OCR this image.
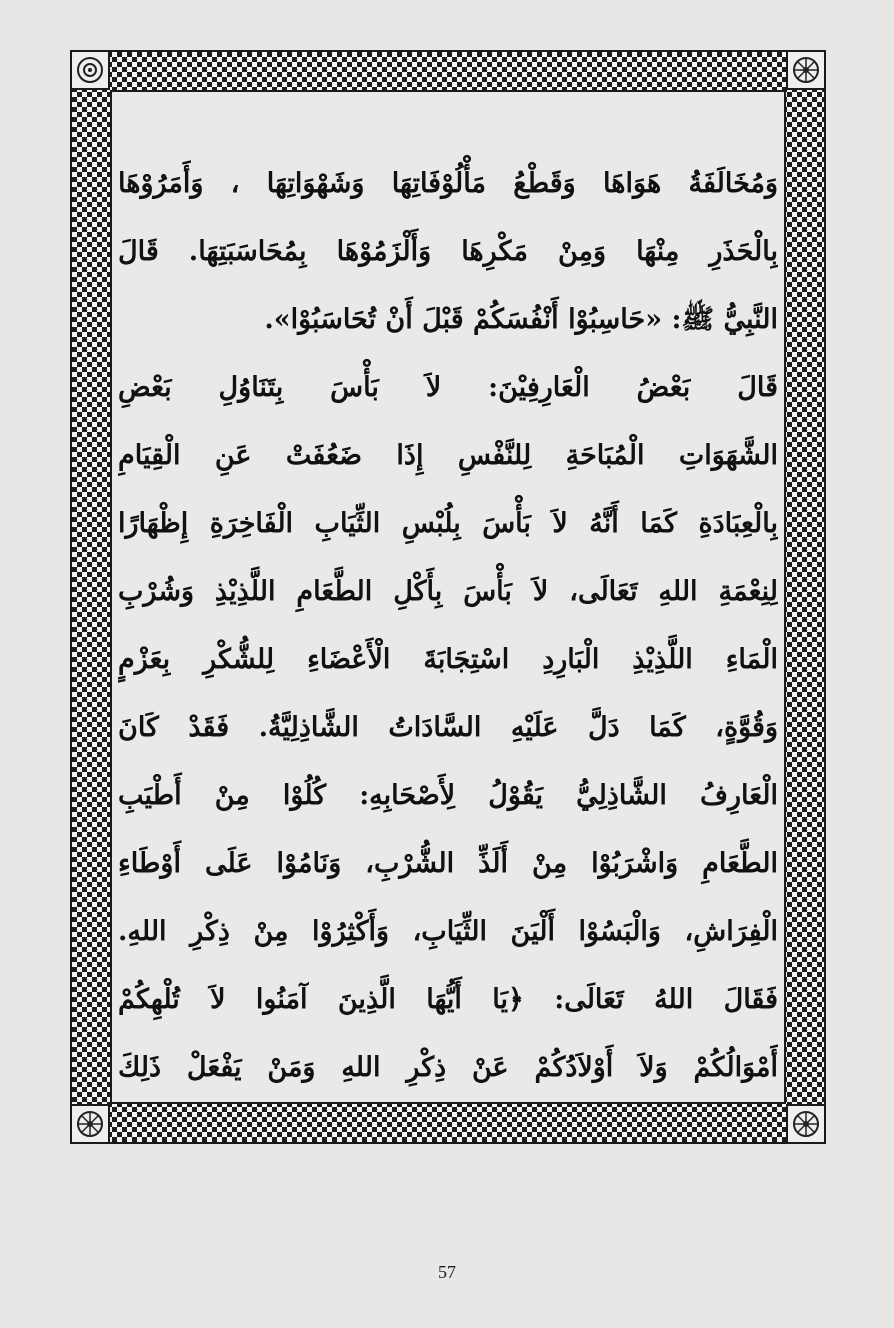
وَمُخَالَفَةُ هَوَاهَا وَقَطْعُ مَأْلُوْفَاتِهَا وَشَهْوَاتِهَا ، وَأَمَرُوْهَا
بِالْحَذَرِ مِنْهَا وَمِنْ مَكْرِهَا وَأَلْزَمُوْهَا بِمُحَاسَبَتِهَا. قَالَ
النَّبِيُّ ﷺ: «حَاسِبُوْا أَنْفُسَكُمْ قَبْلَ أَنْ تُحَاسَبُوْا».
قَالَ بَعْضُ الْعَارِفِيْنَ: لاَ بَأْسَ بِتَنَاوُلِ بَعْضِ
الشَّهَوَاتِ الْمُبَاحَةِ لِلنَّفْسِ إِذَا ضَعُفَتْ عَنِ الْقِيَامِ
بِالْعِبَادَةِ كَمَا أَنَّهُ لاَ بَأْسَ بِلُبْسِ الثِّيَابِ الْفَاخِرَةِ إِظْهَارًا
لِنِعْمَةِ اللهِ تَعَالَى، لاَ بَأْسَ بِأَكْلِ الطَّعَامِ اللَّذِيْذِ وَشُرْبِ
الْمَاءِ اللَّذِيْذِ الْبَارِدِ اسْتِجَابَةَ الْأَعْضَاءِ لِلشُّكْرِ بِعَزْمٍ
وَقُوَّةٍ، كَمَا دَلَّ عَلَيْهِ السَّادَاتُ الشَّاذِلِيَّةُ. فَقَدْ كَانَ
الْعَارِفُ الشَّاذِلِيُّ يَقُوْلُ لِأَصْحَابِهِ: كُلُوْا مِنْ أَطْيَبِ
الطَّعَامِ وَاشْرَبُوْا مِنْ أَلَذِّ الشُّرْبِ، وَنَامُوْا عَلَى أَوْطَاءِ
الْفِرَاشِ، وَالْبَسُوْا أَلْيَنَ الثِّيَابِ، وَأَكْثِرُوْا مِنْ ذِكْرِ اللهِ.
فَقَالَ اللهُ تَعَالَى: ﴿يَا أَيُّهَا الَّذِينَ آمَنُوا لاَ تُلْهِكُمْ
أَمْوَالُكُمْ وَلاَ أَوْلاَدُكُمْ عَنْ ذِكْرِ اللهِ وَمَنْ يَفْعَلْ ذَلِكَ
57
